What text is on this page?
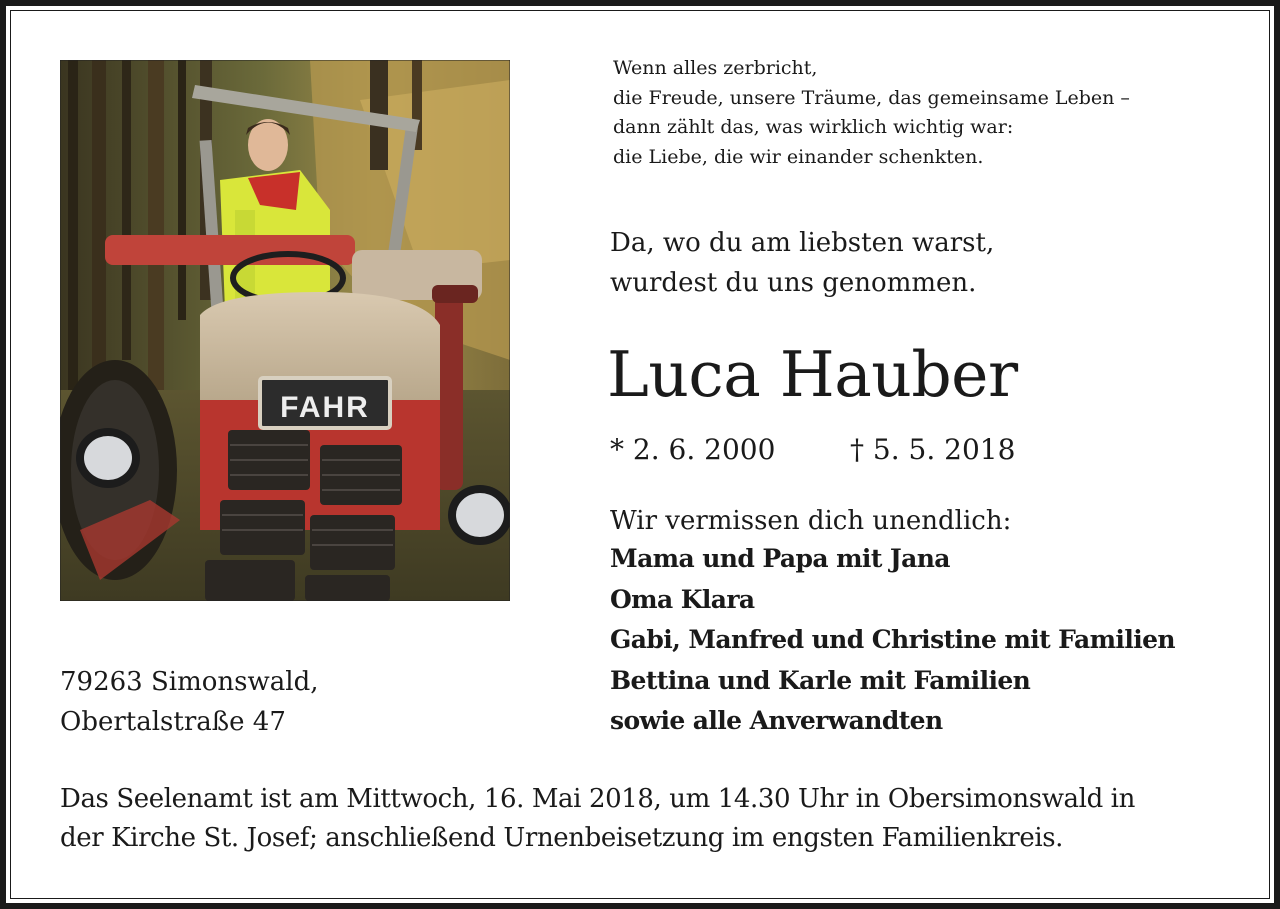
FAHR
Wenn alles zerbricht,
die Freude, unsere Träume, das gemeinsame Leben –
dann zählt das, was wirklich wichtig war:
die Liebe, die wir einander schenkten.
Da, wo du am liebsten warst,
wurdest du uns genommen.
Luca Hauber
* 2. 6. 2000	† 5. 5. 2018
Wir vermissen dich unendlich:
Mama und Papa mit Jana
Oma Klara
Gabi, Manfred und Christine mit Familien
Bettina und Karle mit Familien
sowie alle Anverwandten
79263 Simonswald,
Obertalstraße 47
Das Seelenamt ist am Mittwoch, 16. Mai 2018, um 14.30 Uhr in Obersimonswald in
der Kirche St. Josef; anschließend Urnenbeisetzung im engsten Familienkreis.
